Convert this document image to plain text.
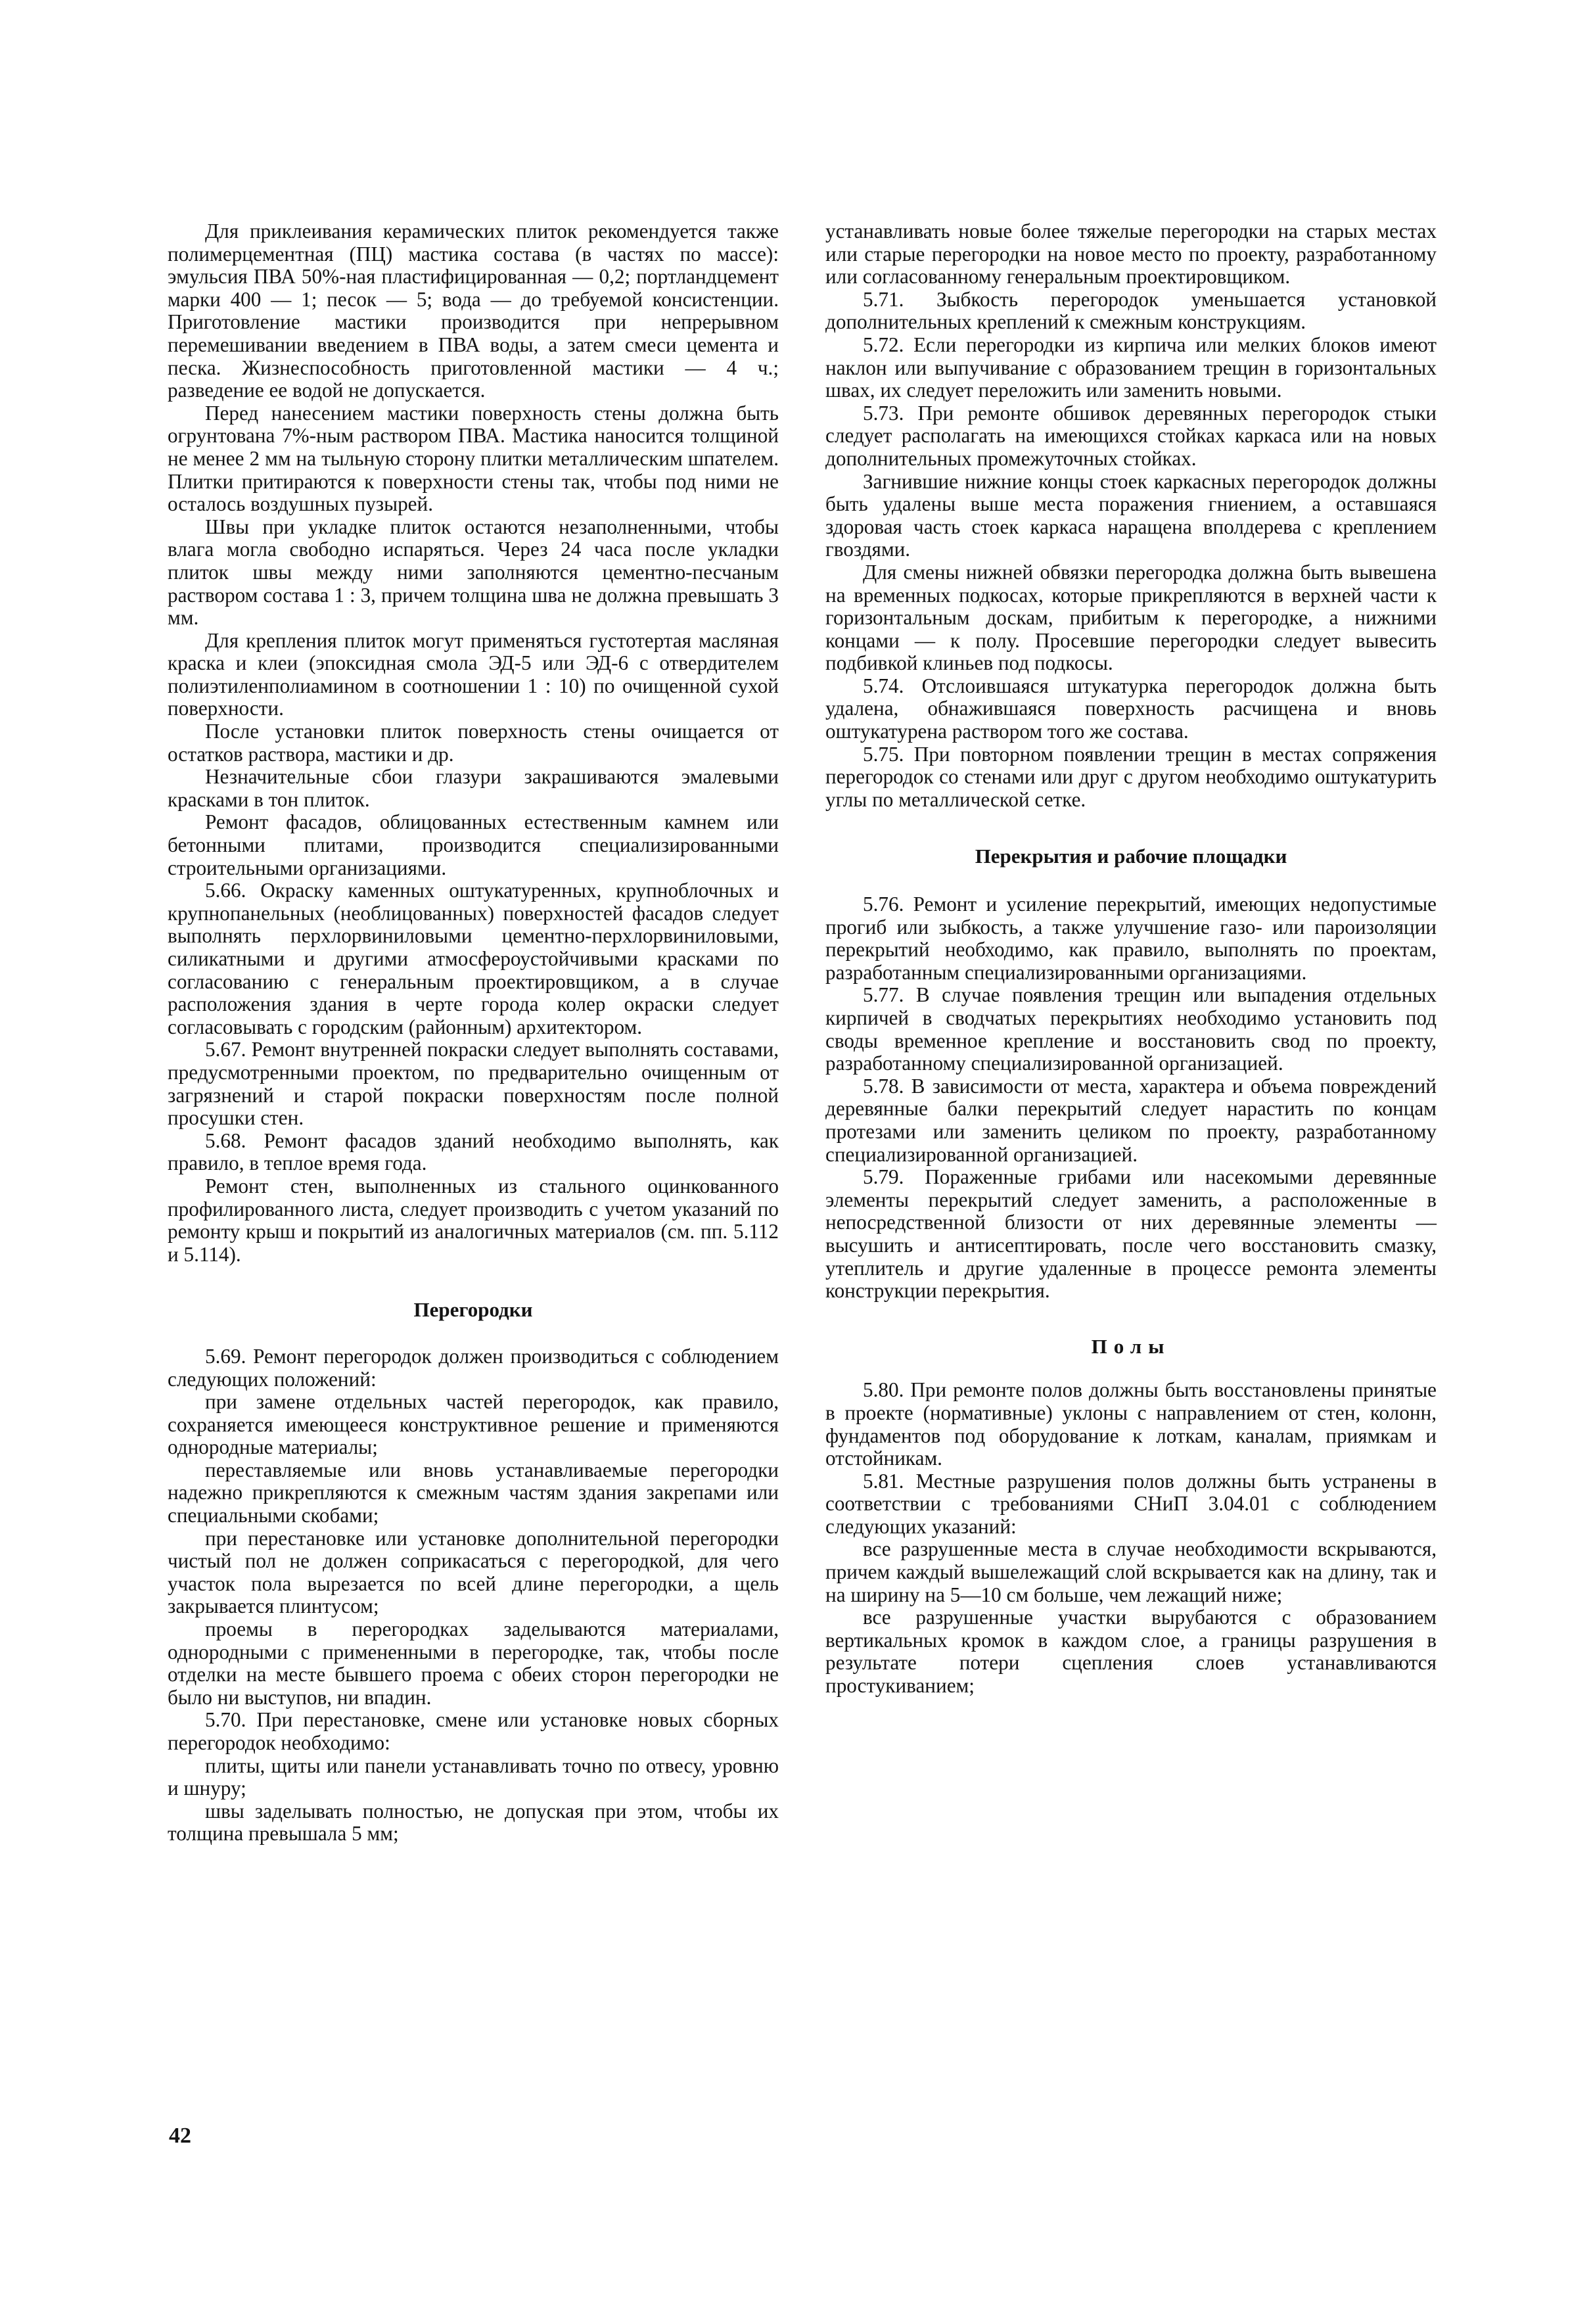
Для приклеивания керамических плиток рекомендуется также полимерцементная (ПЦ) мастика состава (в частях по массе): эмульсия ПВА 50%-ная пластифицированная — 0,2; портландцемент марки 400 — 1; песок — 5; вода — до требуемой консистенции. Приготовление мастики производится при непрерывном перемешивании введением в ПВА воды, а затем смеси цемента и песка. Жизнеспособность приготовленной мастики — 4 ч.; разведение ее водой не допускается.

Перед нанесением мастики поверхность стены должна быть огрунтована 7%-ным раствором ПВА. Мастика наносится толщиной не менее 2 мм на тыльную сторону плитки металлическим шпателем. Плитки притираются к поверхности стены так, чтобы под ними не осталось воздушных пузырей.

Швы при укладке плиток остаются незаполненными, чтобы влага могла свободно испаряться. Через 24 часа после укладки плиток швы между ними заполняются цементно-песчаным раствором состава 1 : 3, причем толщина шва не должна превышать 3 мм.

Для крепления плиток могут применяться густотертая масляная краска и клеи (эпоксидная смола ЭД-5 или ЭД-6 с отвердителем полиэтиленполиамином в соотношении 1 : 10) по очищенной сухой поверхности.

После установки плиток поверхность стены очищается от остатков раствора, мастики и др.

Незначительные сбои глазури закрашиваются эмалевыми красками в тон плиток.

Ремонт фасадов, облицованных естественным камнем или бетонными плитами, производится специализированными строительными организациями.

5.66. Окраску каменных оштукатуренных, крупноблочных и крупнопанельных (необлицованных) поверхностей фасадов следует выполнять перхлорвиниловыми цементно-перхлорвиниловыми, силикатными и другими атмосфероустойчивыми красками по согласованию с генеральным проектировщиком, а в случае расположения здания в черте города колер окраски следует согласовывать с городским (районным) архитектором.

5.67. Ремонт внутренней покраски следует выполнять составами, предусмотренными проектом, по предварительно очищенным от загрязнений и старой покраски поверхностям после полной просушки стен.

5.68. Ремонт фасадов зданий необходимо выполнять, как правило, в теплое время года.

Ремонт стен, выполненных из стального оцинкованного профилированного листа, следует производить с учетом указаний по ремонту крыш и покрытий из аналогичных материалов (см. пп. 5.112 и 5.114).

Перегородки

5.69. Ремонт перегородок должен производиться с соблюдением следующих положений:

при замене отдельных частей перегородок, как правило, сохраняется имеющееся конструктивное решение и применяются однородные материалы;

переставляемые или вновь устанавливаемые перегородки надежно прикрепляются к смежным частям здания закрепами или специальными скобами;

при перестановке или установке дополнительной перегородки чистый пол не должен соприкасаться с перегородкой, для чего участок пола вырезается по всей длине перегородки, а щель закрывается плинтусом;

проемы в перегородках заделываются материалами, однородными с примененными в перегородке, так, чтобы после отделки на месте бывшего проема с обеих сторон перегородки не было ни выступов, ни впадин.

5.70. При перестановке, смене или установке новых сборных перегородок необходимо:

плиты, щиты или панели устанавливать точно по отвесу, уровню и шнуру;

швы заделывать полностью, не допуская при этом, чтобы их толщина превышала 5 мм;

устанавливать новые более тяжелые перегородки на старых местах или старые перегородки на новое место по проекту, разработанному или согласованному генеральным проектировщиком.

5.71. Зыбкость перегородок уменьшается установкой дополнительных креплений к смежным конструкциям.

5.72. Если перегородки из кирпича или мелких блоков имеют наклон или выпучивание с образованием трещин в горизонтальных швах, их следует переложить или заменить новыми.

5.73. При ремонте обшивок деревянных перегородок стыки следует располагать на имеющихся стойках каркаса или на новых дополнительных промежуточных стойках.

Загнившие нижние концы стоек каркасных перегородок должны быть удалены выше места поражения гниением, а оставшаяся здоровая часть стоек каркаса наращена вполдерева с креплением гвоздями.

Для смены нижней обвязки перегородка должна быть вывешена на временных подкосах, которые прикрепляются в верхней части к горизонтальным доскам, прибитым к перегородке, а нижними концами — к полу. Просевшие перегородки следует вывесить подбивкой клиньев под подкосы.

5.74. Отслоившаяся штукатурка перегородок должна быть удалена, обнажившаяся поверхность расчищена и вновь оштукатурена раствором того же состава.

5.75. При повторном появлении трещин в местах сопряжения перегородок со стенами или друг с другом необходимо оштукатурить углы по металлической сетке.

Перекрытия и рабочие площадки

5.76. Ремонт и усиление перекрытий, имеющих недопустимые прогиб или зыбкость, а также улучшение газо- или пароизоляции перекрытий необходимо, как правило, выполнять по проектам, разработанным специализированными организациями.

5.77. В случае появления трещин или выпадения отдельных кирпичей в сводчатых перекрытиях необходимо установить под своды временное крепление и восстановить свод по проекту, разработанному специализированной организацией.

5.78. В зависимости от места, характера и объема повреждений деревянные балки перекрытий следует нарастить по концам протезами или заменить целиком по проекту, разработанному специализированной организацией.

5.79. Пораженные грибами или насекомыми деревянные элементы перекрытий следует заменить, а расположенные в непосредственной близости от них деревянные элементы — высушить и антисептировать, после чего восстановить смазку, утеплитель и другие удаленные в процессе ремонта элементы конструкции перекрытия.

Полы

5.80. При ремонте полов должны быть восстановлены принятые в проекте (нормативные) уклоны с направлением от стен, колонн, фундаментов под оборудование к лоткам, каналам, приямкам и отстойникам.

5.81. Местные разрушения полов должны быть устранены в соответствии с требованиями СНиП 3.04.01 с соблюдением следующих указаний:

все разрушенные места в случае необходимости вскрываются, причем каждый вышележащий слой вскрывается как на длину, так и на ширину на 5—10 см больше, чем лежащий ниже;

все разрушенные участки вырубаются с образованием вертикальных кромок в каждом слое, а границы разрушения в результате потери сцепления слоев устанавливаются простукиванием;

42
